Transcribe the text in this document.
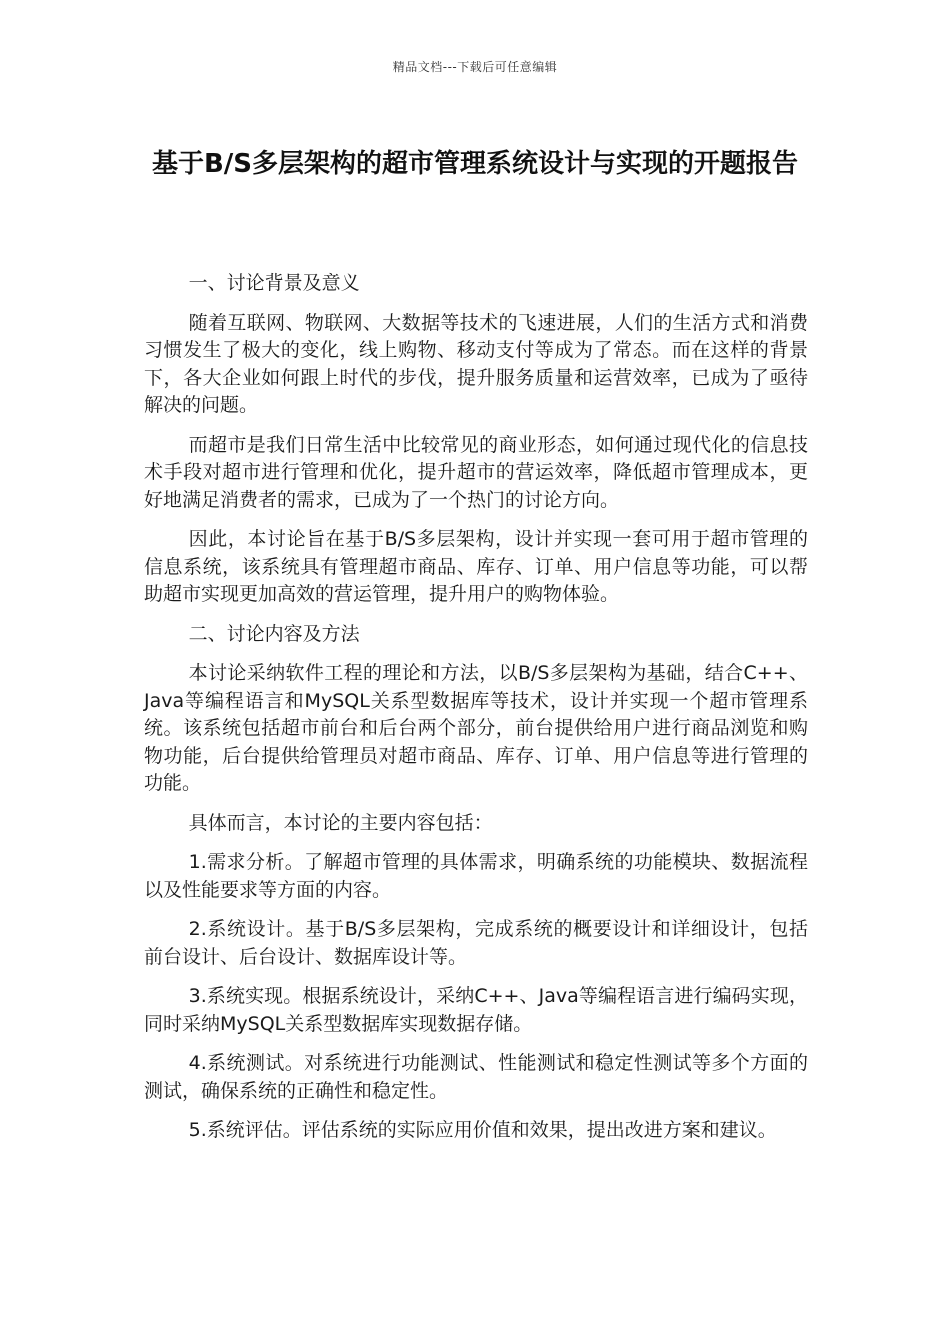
精品文档---下载后可任意编辑
基于B/S多层架构的超市管理系统设计与实现的开题报告

一、讨论背景及意义

随着互联网、物联网、大数据等技术的飞速进展，人们的生活方式和消费习惯发生了极大的变化，线上购物、移动支付等成为了常态。而在这样的背景下，各大企业如何跟上时代的步伐，提升服务质量和运营效率，已成为了亟待解决的问题。

而超市是我们日常生活中比较常见的商业形态，如何通过现代化的信息技术手段对超市进行管理和优化，提升超市的营运效率，降低超市管理成本，更好地满足消费者的需求，已成为了一个热门的讨论方向。

因此，本讨论旨在基于B/S多层架构，设计并实现一套可用于超市管理的信息系统，该系统具有管理超市商品、库存、订单、用户信息等功能，可以帮助超市实现更加高效的营运管理，提升用户的购物体验。

二、讨论内容及方法

本讨论采纳软件工程的理论和方法，以B/S多层架构为基础，结合C++、Java等编程语言和MySQL关系型数据库等技术，设计并实现一个超市管理系统。该系统包括超市前台和后台两个部分，前台提供给用户进行商品浏览和购物功能，后台提供给管理员对超市商品、库存、订单、用户信息等进行管理的功能。

具体而言，本讨论的主要内容包括：

1.需求分析。了解超市管理的具体需求，明确系统的功能模块、数据流程以及性能要求等方面的内容。

2.系统设计。基于B/S多层架构，完成系统的概要设计和详细设计，包括前台设计、后台设计、数据库设计等。

3.系统实现。根据系统设计，采纳C++、Java等编程语言进行编码实现，同时采纳MySQL关系型数据库实现数据存储。

4.系统测试。对系统进行功能测试、性能测试和稳定性测试等多个方面的测试，确保系统的正确性和稳定性。

5.系统评估。评估系统的实际应用价值和效果，提出改进方案和建议。
